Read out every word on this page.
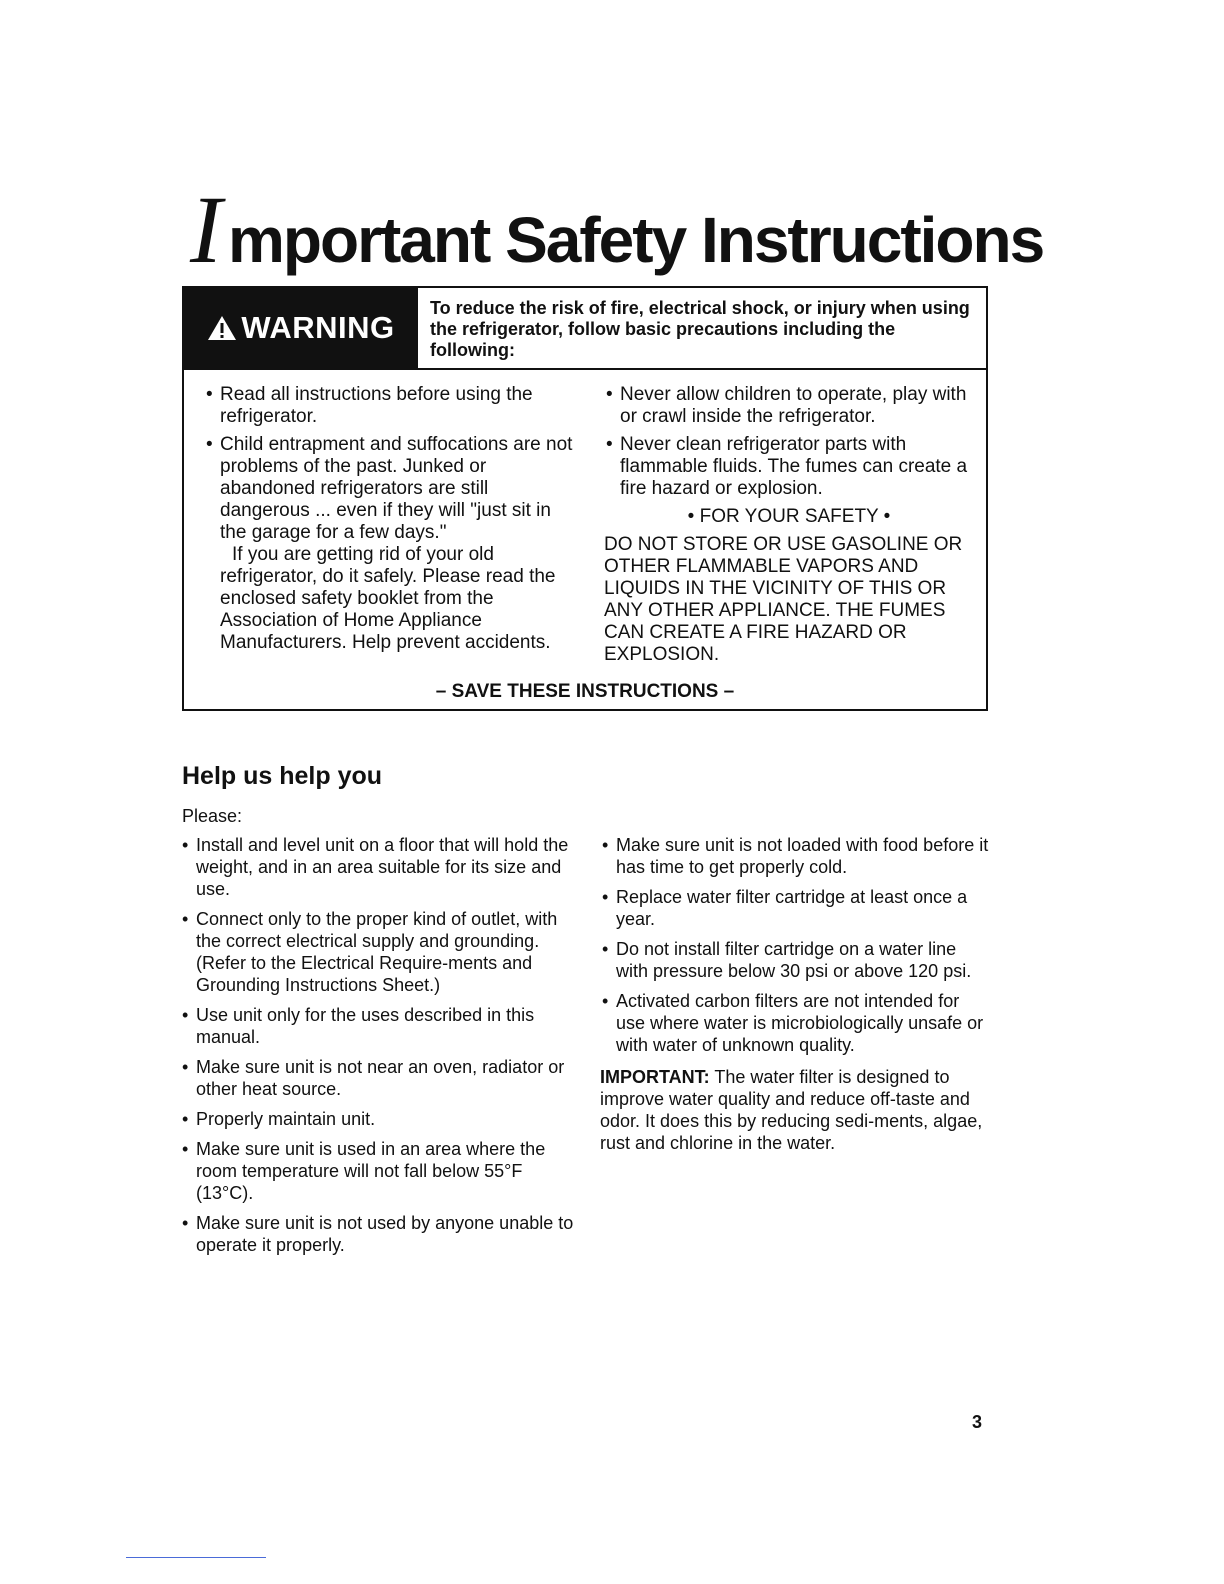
Important Safety Instructions
WARNING
To reduce the risk of fire, electrical shock, or injury when using the refrigerator, follow basic precautions including the following:
• Read all instructions before using the refrigerator.
• Child entrapment and suffocations are not problems of the past. Junked or abandoned refrigerators are still dangerous ... even if they will "just sit in the garage for a few days."

If you are getting rid of your old refrigerator, do it safely. Please read the enclosed safety booklet from the Association of Home Appliance Manufacturers. Help prevent accidents.

• Never allow children to operate, play with or crawl inside the refrigerator.
• Never clean refrigerator parts with flammable fluids. The fumes can create a fire hazard or explosion.
• FOR YOUR SAFETY •

DO NOT STORE OR USE GASOLINE OR OTHER FLAMMABLE VAPORS AND LIQUIDS IN THE VICINITY OF THIS OR ANY OTHER APPLIANCE. THE FUMES CAN CREATE A FIRE HAZARD OR EXPLOSION.

– SAVE THESE INSTRUCTIONS –
Help us help you
Please:
• Install and level unit on a floor that will hold the weight, and in an area suitable for its size and use.
• Connect only to the proper kind of outlet, with the correct electrical supply and grounding. (Refer to the Electrical Require-ments and Grounding Instructions Sheet.)
• Use unit only for the uses described in this manual.
• Make sure unit is not near an oven, radiator or other heat source.
• Properly maintain unit.
• Make sure unit is used in an area where the room temperature will not fall below 55°F (13°C).
• Make sure unit is not used by anyone unable to operate it properly.
• Make sure unit is not loaded with food before it has time to get properly cold.
• Replace water filter cartridge at least once a year.
• Do not install filter cartridge on a water line with pressure below 30 psi or above 120 psi.
• Activated carbon filters are not intended for use where water is microbiologically unsafe or with water of unknown quality.

IMPORTANT: The water filter is designed to improve water quality and reduce off-taste and odor. It does this by reducing sedi-ments, algae, rust and chlorine in the water.

3
